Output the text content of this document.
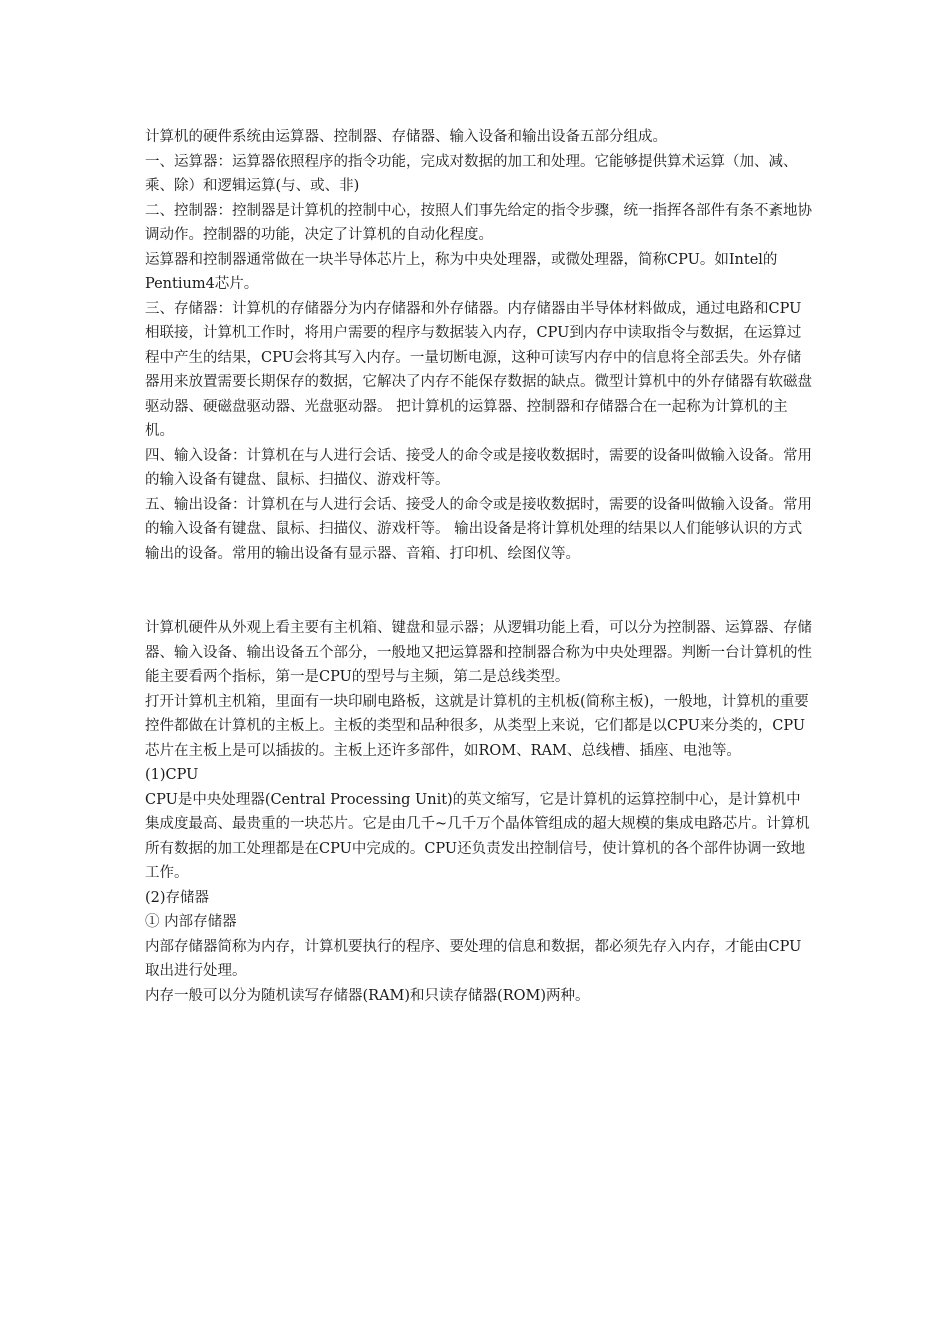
计算机的硬件系统由运算器、控制器、存储器、输入设备和输出设备五部分组成。

一、运算器：运算器依照程序的指令功能，完成对数据的加工和处理。它能够提供算术运算（加、减、乘、除）和逻辑运算(与、或、非)

二、控制器：控制器是计算机的控制中心，按照人们事先给定的指令步骤，统一指挥各部件有条不紊地协调动作。控制器的功能，决定了计算机的自动化程度。

运算器和控制器通常做在一块半导体芯片上，称为中央处理器，或微处理器，简称CPU。如Intel的Pentium4芯片。

三、存储器：计算机的存储器分为内存储器和外存储器。内存储器由半导体材料做成，通过电路和CPU相联接，计算机工作时，将用户需要的程序与数据装入内存，CPU到内存中读取指令与数据，在运算过程中产生的结果，CPU会将其写入内存。一量切断电源，这种可读写内存中的信息将全部丢失。外存储器用来放置需要长期保存的数据，它解决了内存不能保存数据的缺点。微型计算机中的外存储器有软磁盘驱动器、硬磁盘驱动器、光盘驱动器。 把计算机的运算器、控制器和存储器合在一起称为计算机的主机。

四、输入设备：计算机在与人进行会话、接受人的命令或是接收数据时，需要的设备叫做输入设备。常用的输入设备有键盘、鼠标、扫描仪、游戏杆等。

五、输出设备：计算机在与人进行会话、接受人的命令或是接收数据时，需要的设备叫做输入设备。常用的输入设备有键盘、鼠标、扫描仪、游戏杆等。 输出设备是将计算机处理的结果以人们能够认识的方式输出的设备。常用的输出设备有显示器、音箱、打印机、绘图仪等。

计算机硬件从外观上看主要有主机箱、键盘和显示器；从逻辑功能上看，可以分为控制器、运算器、存储器、输入设备、输出设备五个部分，一般地又把运算器和控制器合称为中央处理器。判断一台计算机的性能主要看两个指标，第一是CPU的型号与主频，第二是总线类型。

打开计算机主机箱，里面有一块印刷电路板，这就是计算机的主机板(简称主板)，一般地，计算机的重要控件都做在计算机的主板上。主板的类型和品种很多，从类型上来说，它们都是以CPU来分类的，CPU芯片在主板上是可以插拔的。主板上还许多部件，如ROM、RAM、总线槽、插座、电池等。

(1)CPU

CPU是中央处理器(Central Processing Unit)的英文缩写，它是计算机的运算控制中心，是计算机中集成度最高、最贵重的一块芯片。它是由几千~几千万个晶体管组成的超大规模的集成电路芯片。计算机所有数据的加工处理都是在CPU中完成的。CPU还负责发出控制信号，使计算机的各个部件协调一致地工作。

(2)存储器

① 内部存储器

内部存储器简称为内存，计算机要执行的程序、要处理的信息和数据，都必须先存入内存，才能由CPU取出进行处理。

内存一般可以分为随机读写存储器(RAM)和只读存储器(ROM)两种。
